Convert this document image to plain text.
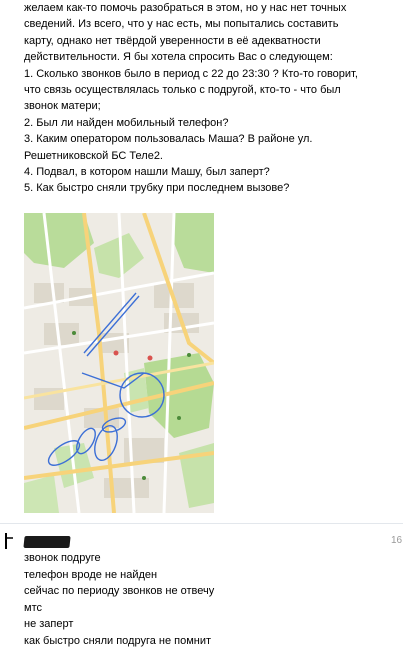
желаем как-то помочь разобраться в этом, но у нас нет точных
сведений. Из всего, что у нас есть, мы попытались составить
карту, однако нет твёрдой уверенности в её адекватности
действительности. Я бы хотела спросить Вас о следующем:
1. Сколько звонков было в период с 22 до 23:30 ? Кто-то говорит,
что связь осуществлялась только с подругой, кто-то - что был
звонок матери;
2. Был ли найден мобильный телефон?
3. Каким оператором пользовалась Маша? В районе ул.
Решетниковской БС Теле2.
4. Подвал, в котором нашли Машу, был заперт?
5. Как быстро сняли трубку при последнем вызове?
16
звонок подруге
телефон вроде не найден
сейчас по периоду звонков не отвечу
мтс
не заперт
как быстро сняли подруга не помнит
